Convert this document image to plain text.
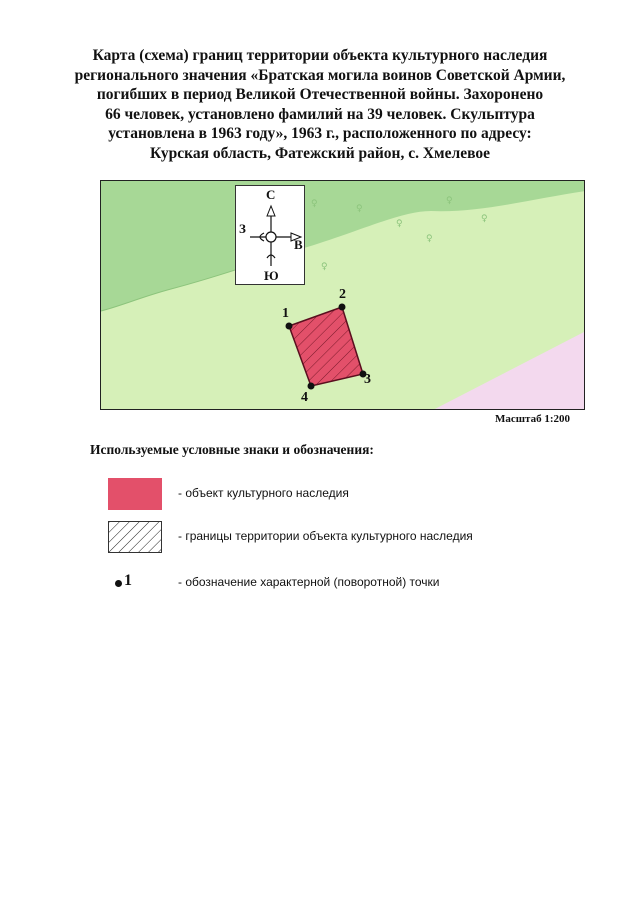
Карта (схема) границ территории объекта культурного наследия
регионального значения «Братская могила воинов Советской Армии,
погибших в период Великой Отечественной войны. Захоронено
66 человек, установлено фамилий на 39 человек. Скульптура
установлена в 1963 году», 1963 г., расположенного по адресу:
Курская область, Фатежский район, с. Хмелевое
♀	♀
♀
♀
♀
♀
♀
1
2
3
4
С
Ю
З
В
Масштаб 1:200
Используемые условные знаки и обозначения:
- объект культурного наследия
- границы территории объекта культурного наследия
1	- обозначение характерной (поворотной) точки
